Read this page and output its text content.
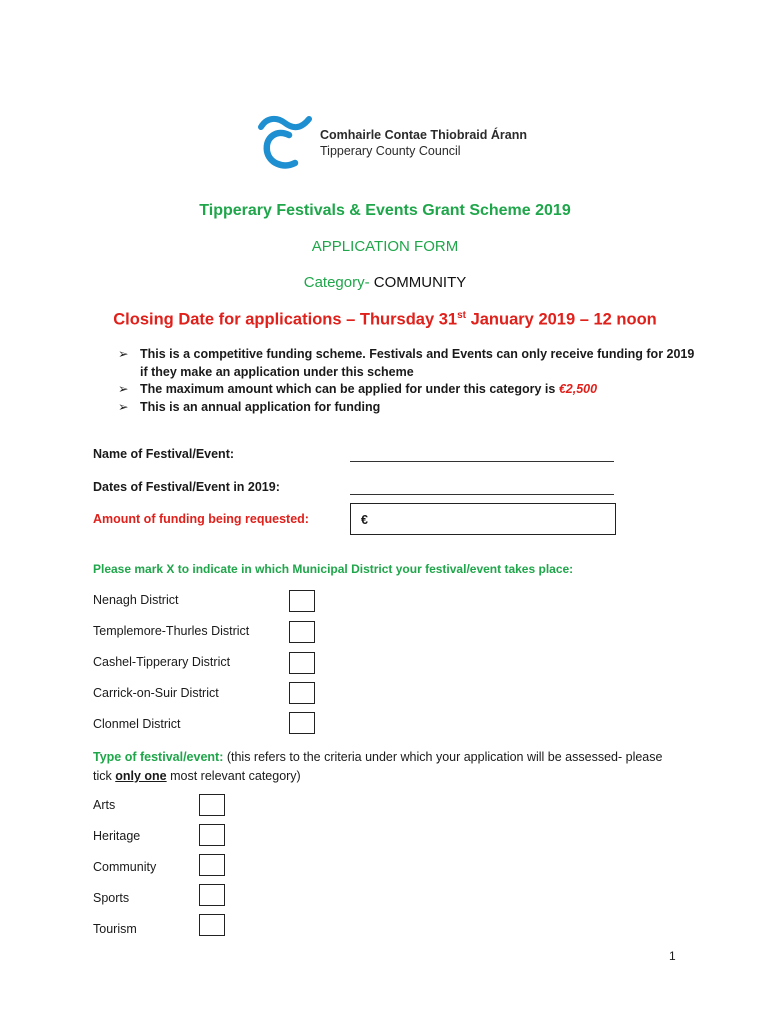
Comhairle Contae Thiobraid Árann
Tipperary County Council
Tipperary Festivals & Events Grant Scheme 2019
APPLICATION FORM
Category- COMMUNITY
Closing Date for applications – Thursday 31st January 2019 – 12 noon
➢ This is a competitive funding scheme. Festivals and Events can only receive funding for 2019 if they make an application under this scheme
➢ The maximum amount which can be applied for under this category is €2,500
➢ This is an annual application for funding
Name of Festival/Event:
Dates of Festival/Event in 2019:
Amount of funding being requested:	€
Please mark X to indicate in which Municipal District your festival/event takes place:
Nenagh District
Templemore-Thurles District
Cashel-Tipperary District
Carrick-on-Suir District
Clonmel District
Type of festival/event: (this refers to the criteria under which your application will be assessed- please tick only one most relevant category)
Arts
Heritage
Community
Sports
Tourism
1
